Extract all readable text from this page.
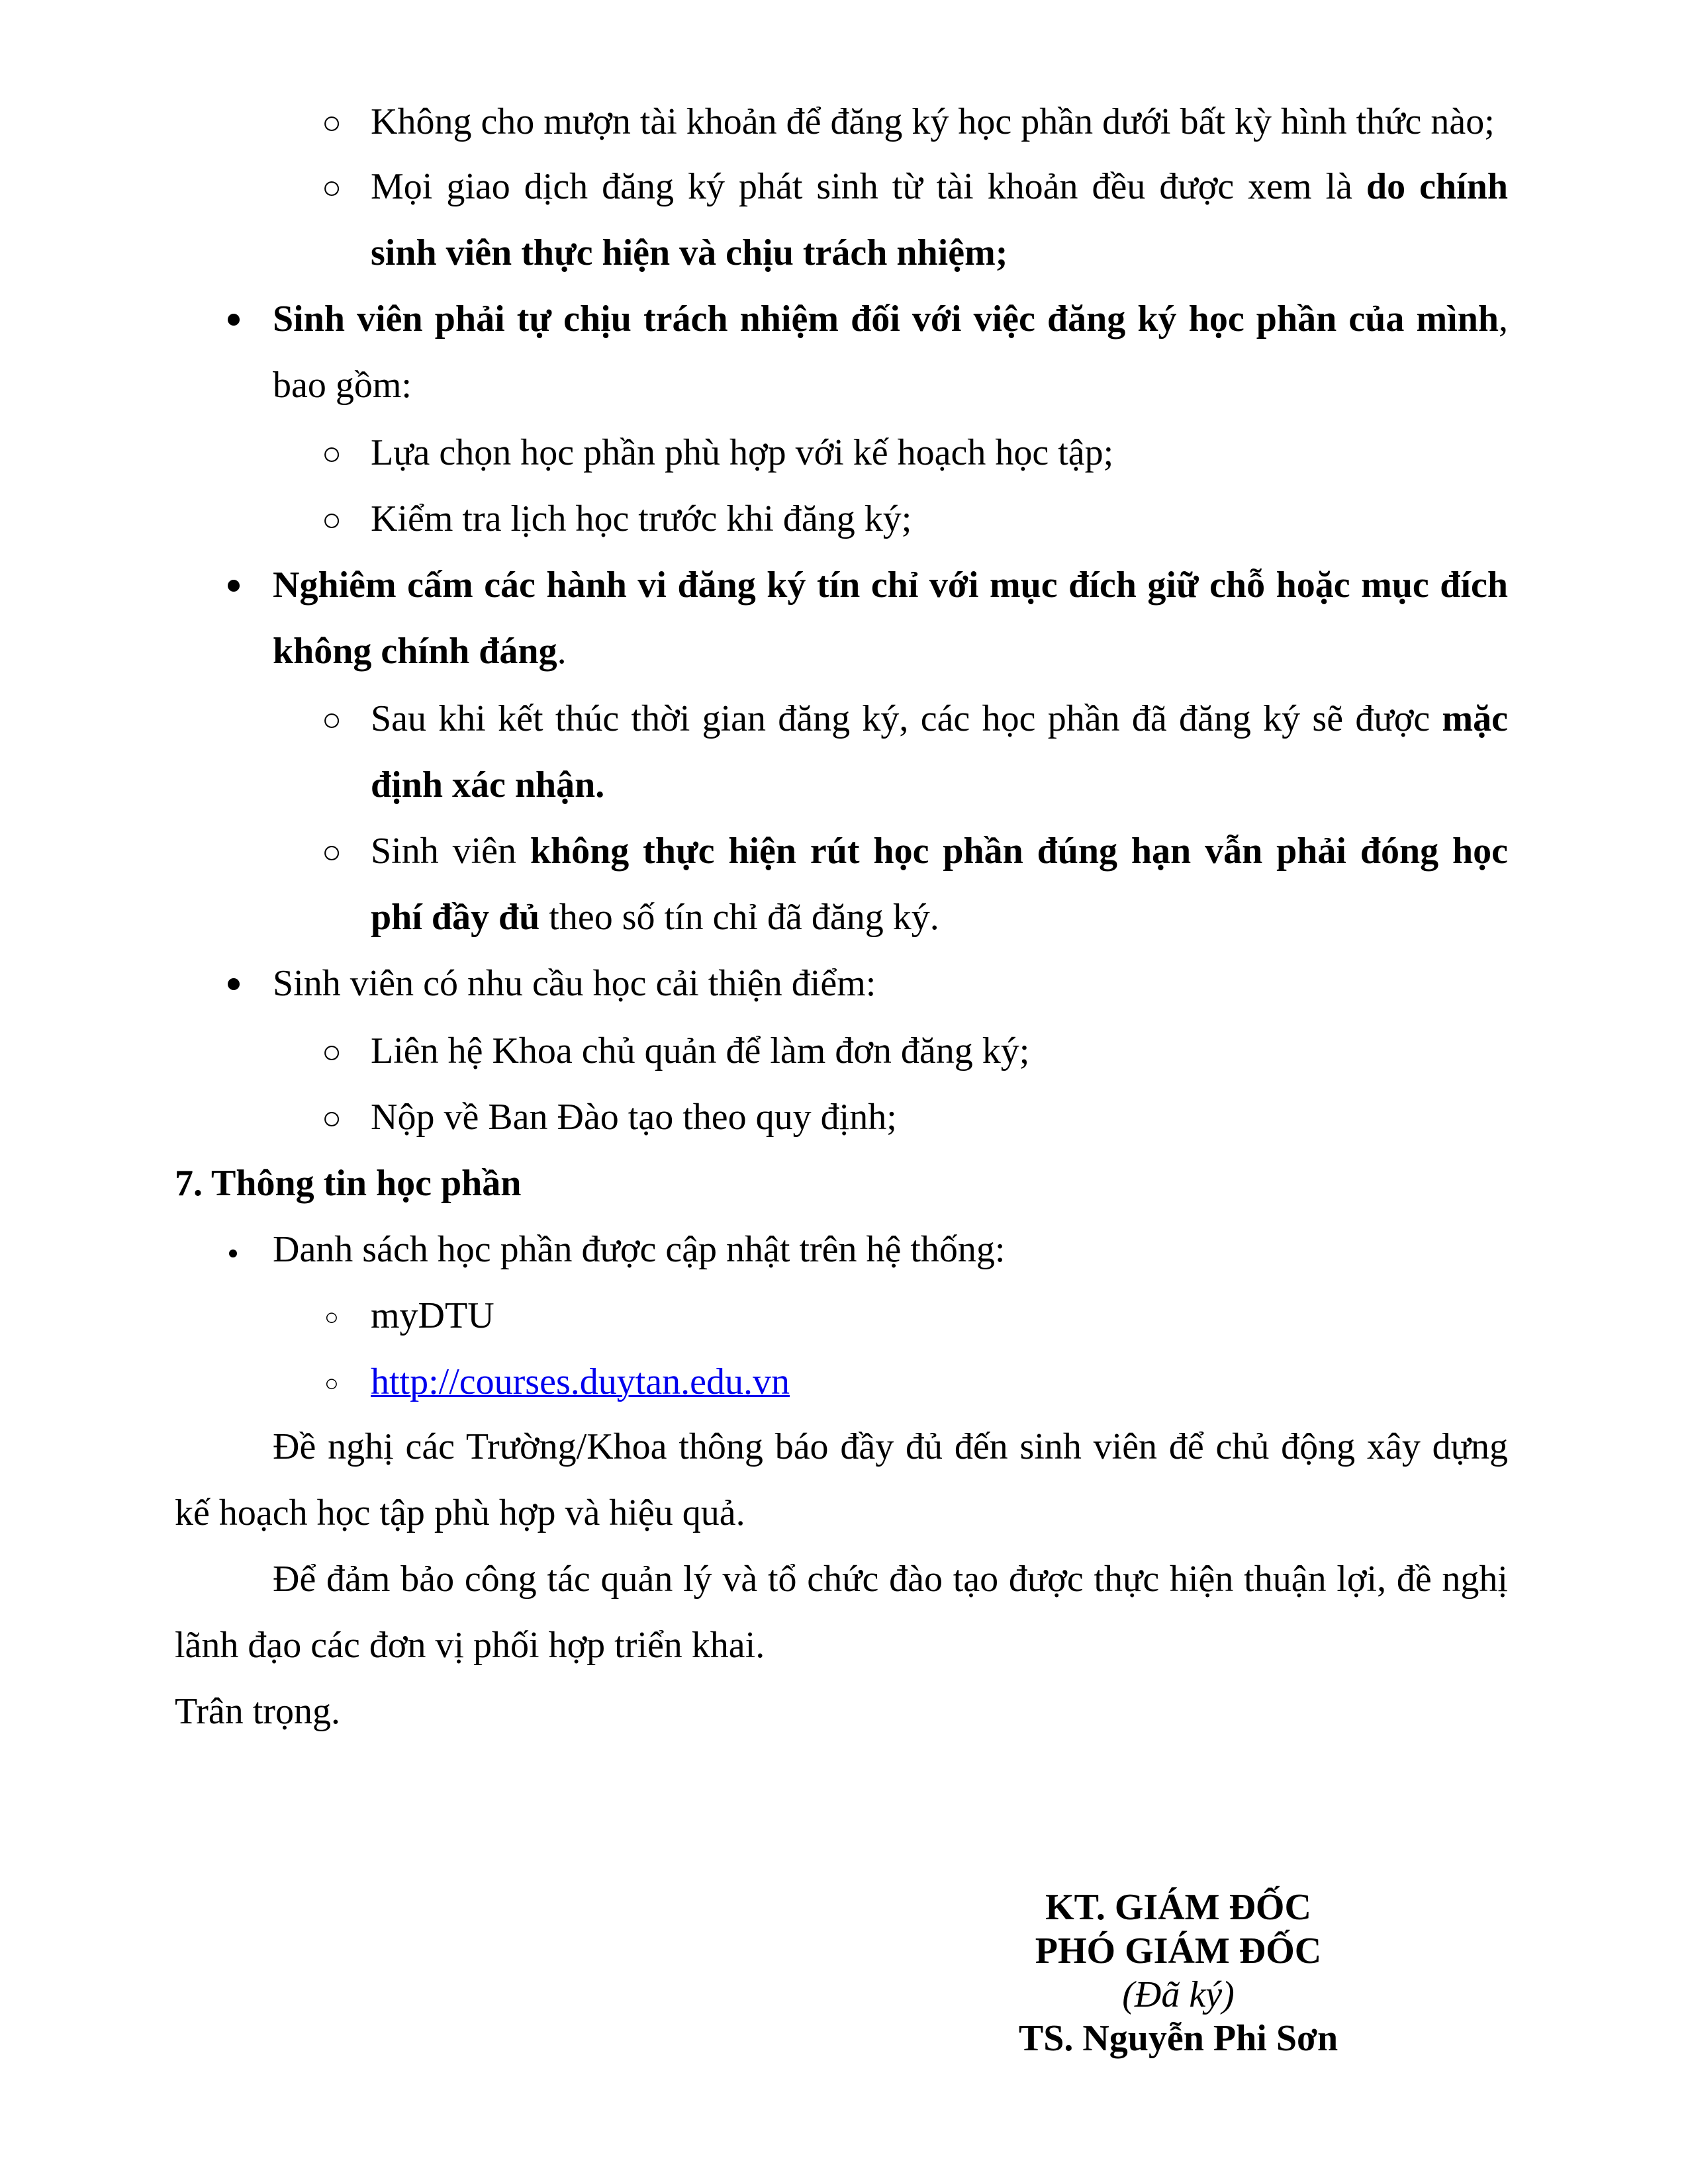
○ Không cho mượn tài khoản để đăng ký học phần dưới bất kỳ hình thức nào;
○ Mọi giao dịch đăng ký phát sinh từ tài khoản đều được xem là do chính
sinh viên thực hiện và chịu trách nhiệm;
Sinh viên phải tự chịu trách nhiệm đối với việc đăng ký học phần của mình,
bao gồm:
○ Lựa chọn học phần phù hợp với kế hoạch học tập;
○ Kiểm tra lịch học trước khi đăng ký;
Nghiêm cấm các hành vi đăng ký tín chỉ với mục đích giữ chỗ hoặc mục đích
không chính đáng.
○ Sau khi kết thúc thời gian đăng ký, các học phần đã đăng ký sẽ được mặc
định xác nhận.
○ Sinh viên không thực hiện rút học phần đúng hạn vẫn phải đóng học
phí đầy đủ theo số tín chỉ đã đăng ký.
Sinh viên có nhu cầu học cải thiện điểm:
○ Liên hệ Khoa chủ quản để làm đơn đăng ký;
○ Nộp về Ban Đào tạo theo quy định;
7. Thông tin học phần
Danh sách học phần được cập nhật trên hệ thống:
○ myDTU
○ http://courses.duytan.edu.vn
Đề nghị các Trường/Khoa thông báo đầy đủ đến sinh viên để chủ động xây dựng
kế hoạch học tập phù hợp và hiệu quả.
Để đảm bảo công tác quản lý và tổ chức đào tạo được thực hiện thuận lợi, đề nghị
lãnh đạo các đơn vị phối hợp triển khai.
Trân trọng.
KT. GIÁM ĐỐC
PHÓ GIÁM ĐỐC
(Đã ký)
TS. Nguyễn Phi Sơn
